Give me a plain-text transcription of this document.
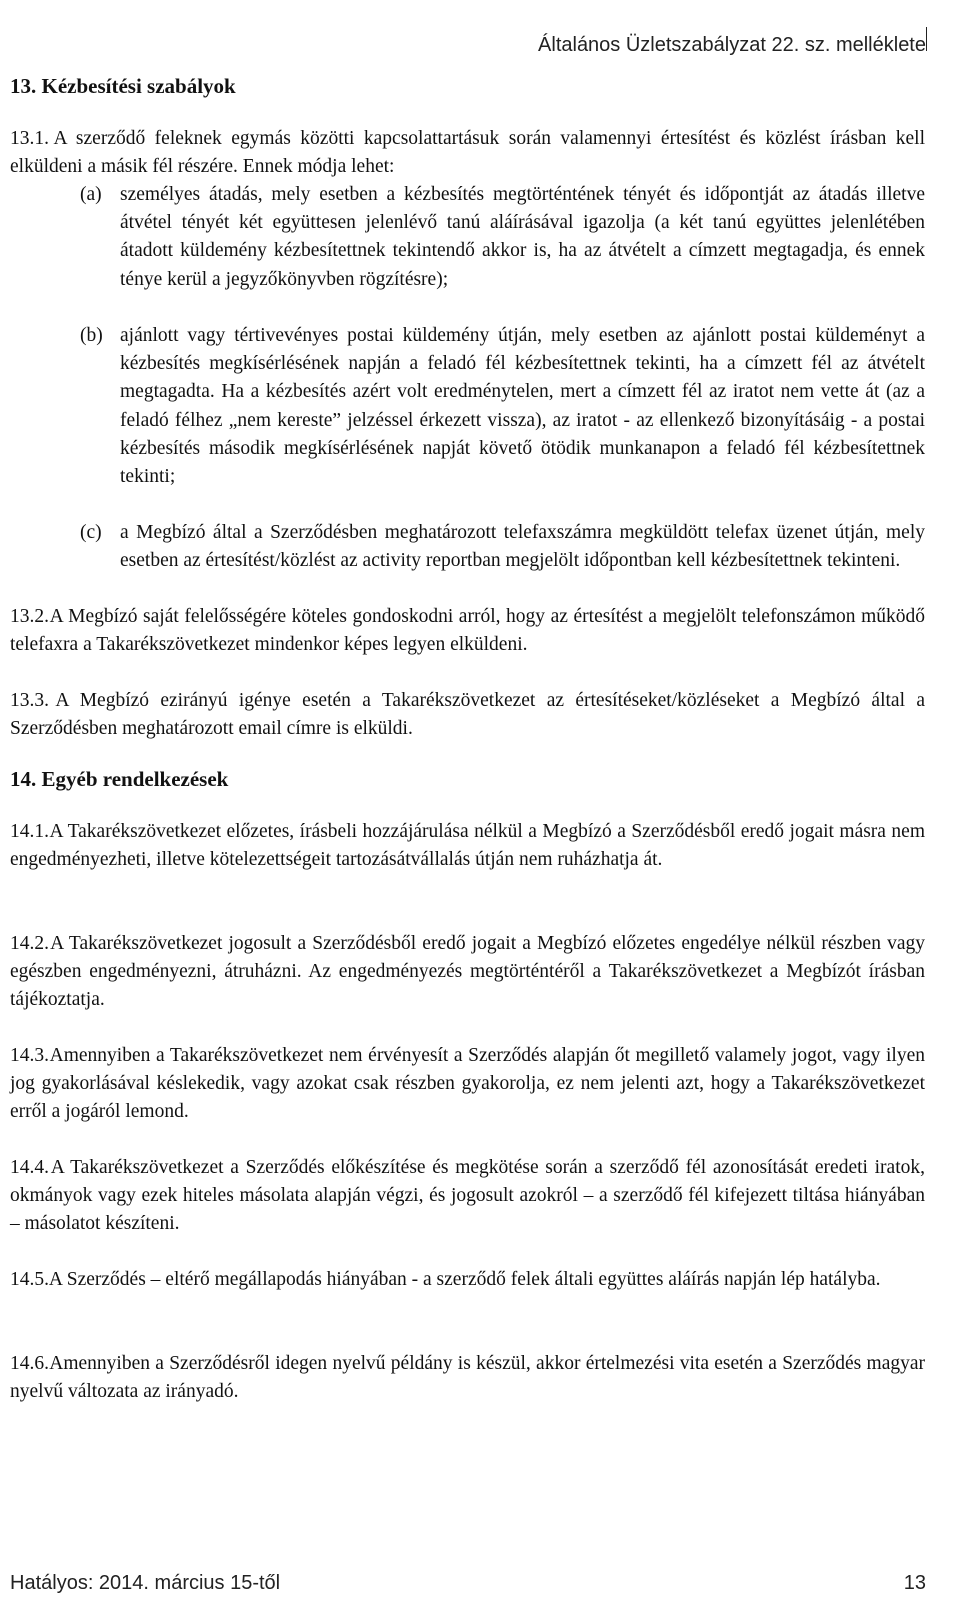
Általános Üzletszabályzat 22. sz. melléklete
13. Kézbesítési szabályok
13.1. A szerződő feleknek egymás közötti kapcsolattartásuk során valamennyi értesítést és közlést írásban kell elküldeni a másik fél részére. Ennek módja lehet:
(a) személyes átadás, mely esetben a kézbesítés megtörténtének tényét és időpontját az átadás illetve átvétel tényét két együttesen jelenlévő tanú aláírásával igazolja (a két tanú együttes jelenlétében átadott küldemény kézbesítettnek tekintendő akkor is, ha az átvételt a címzett megtagadja, és ennek ténye kerül a jegyzőkönyvben rögzítésre);
(b) ajánlott vagy tértivevényes postai küldemény útján, mely esetben az ajánlott postai küldeményt a kézbesítés megkísérlésének napján a feladó fél kézbesítettnek tekinti, ha a címzett fél az átvételt megtagadta. Ha a kézbesítés azért volt eredménytelen, mert a címzett fél az iratot nem vette át (az a feladó félhez „nem kereste” jelzéssel érkezett vissza), az iratot - az ellenkező bizonyításáig - a postai kézbesítés második megkísérlésének napját követő ötödik munkanapon a feladó fél kézbesítettnek tekinti;
(c) a Megbízó által a Szerződésben meghatározott telefaxszámra megküldött telefax üzenet útján, mely esetben az értesítést/közlést az activity reportban megjelölt időpontban kell kézbesítettnek tekinteni.
13.2. A Megbízó saját felelősségére köteles gondoskodni arról, hogy az értesítést a megjelölt telefonszámon működő telefaxra a Takarékszövetkezet mindenkor képes legyen elküldeni.
13.3. A Megbízó ezirányú igénye esetén a Takarékszövetkezet az értesítéseket/közléseket a Megbízó által a Szerződésben meghatározott email címre is elküldi.
14. Egyéb rendelkezések
14.1. A Takarékszövetkezet előzetes, írásbeli hozzájárulása nélkül a Megbízó a Szerződésből eredő jogait másra nem engedményezheti, illetve kötelezettségeit tartozásátvállalás útján nem ruházhatja át.
14.2. A Takarékszövetkezet jogosult a Szerződésből eredő jogait a Megbízó előzetes engedélye nélkül részben vagy egészben engedményezni, átruházni. Az engedményezés megtörténtéről a Takarékszövetkezet a Megbízót írásban tájékoztatja.
14.3. Amennyiben a Takarékszövetkezet nem érvényesít a Szerződés alapján őt megillető valamely jogot, vagy ilyen jog gyakorlásával késlekedik, vagy azokat csak részben gyakorolja, ez nem jelenti azt, hogy a Takarékszövetkezet erről a jogáról lemond.
14.4. A Takarékszövetkezet a Szerződés előkészítése és megkötése során a szerződő fél azonosítását eredeti iratok, okmányok vagy ezek hiteles másolata alapján végzi, és jogosult azokról – a szerződő fél kifejezett tiltása hiányában – másolatot készíteni.
14.5. A Szerződés – eltérő megállapodás hiányában - a szerződő felek általi együttes aláírás napján lép hatályba.
14.6. Amennyiben a Szerződésről idegen nyelvű példány is készül, akkor értelmezési vita esetén a Szerződés magyar nyelvű változata az irányadó.
Hatályos: 2014. március 15-től	13
